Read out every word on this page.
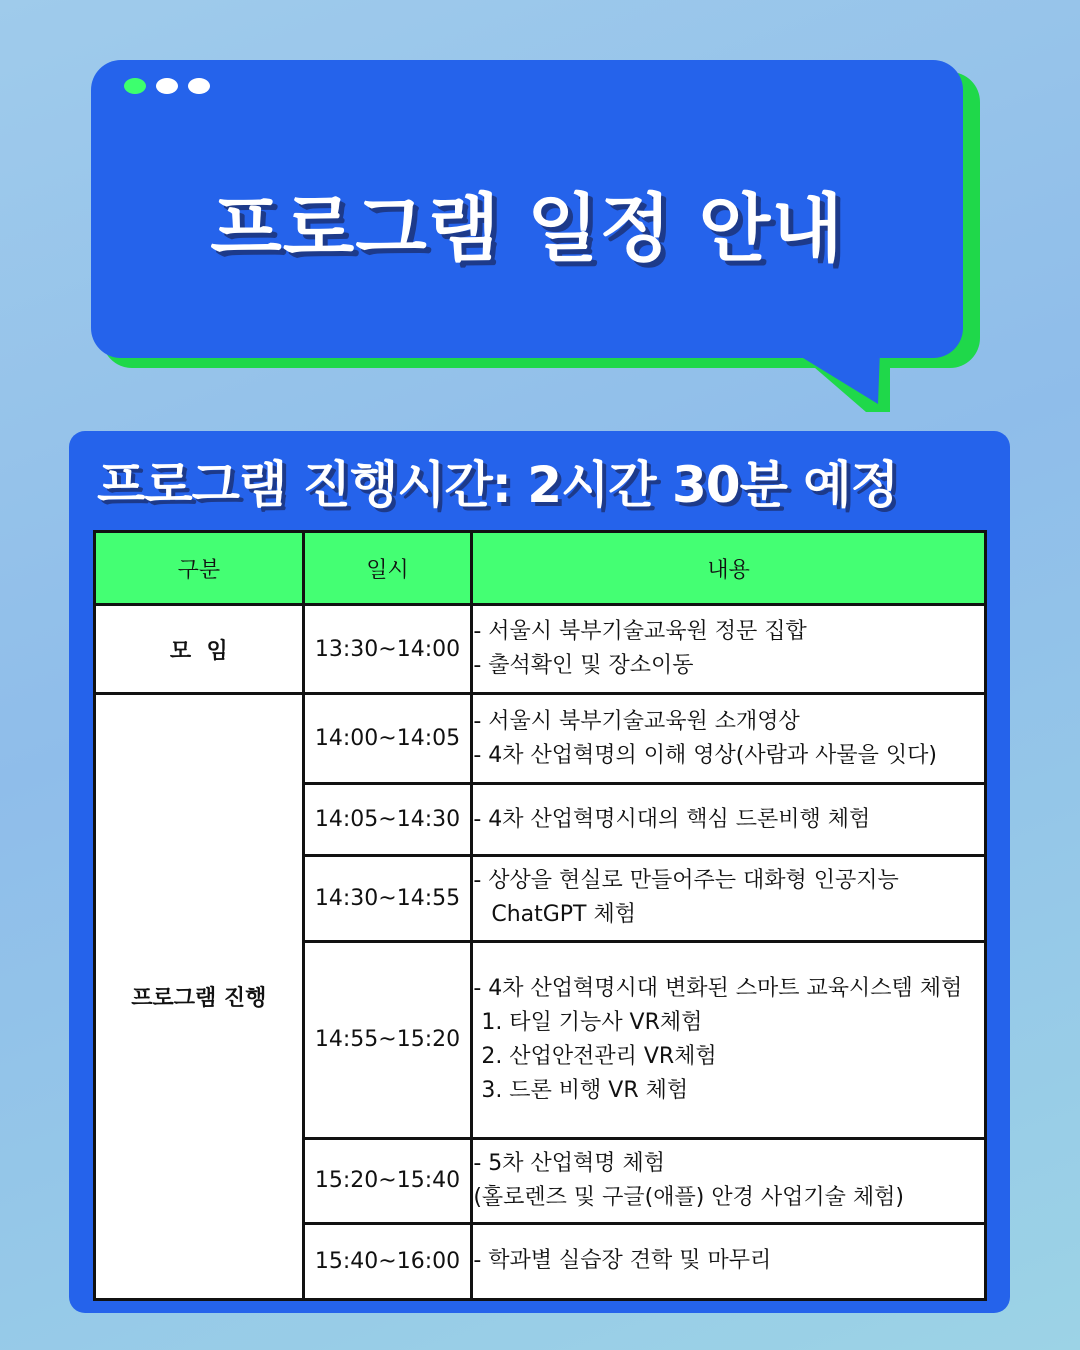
프로그램 일정 안내
프로그램 진행시간: 2시간 30분 예정
구분	일시	내용
모  임	13:30~14:00	- 서울시 북부기술교육원 정문 집합
- 출석확인 및 장소이동

프로그램 진행	14:00~14:05	- 서울시 북부기술교육원 소개영상
- 4차 산업혁명의 이해 영상(사람과 사물을 잇다)

	14:05~14:30	- 4차 산업혁명시대의 핵심 드론비행 체험

	14:30~14:55	- 상상을 현실로 만들어주는 대화형 인공지능
ChatGPT 체험

	14:55~15:20	- 4차 산업혁명시대 변화된 스마트 교육시스템 체험
1. 타일 기능사 VR체험
2. 산업안전관리 VR체험
3. 드론 비행 VR 체험

	15:20~15:40	- 5차 산업혁명 체험
(홀로렌즈 및 구글(애플) 안경 사업기술 체험)

	15:40~16:00	- 학과별 실습장 견학 및 마무리
